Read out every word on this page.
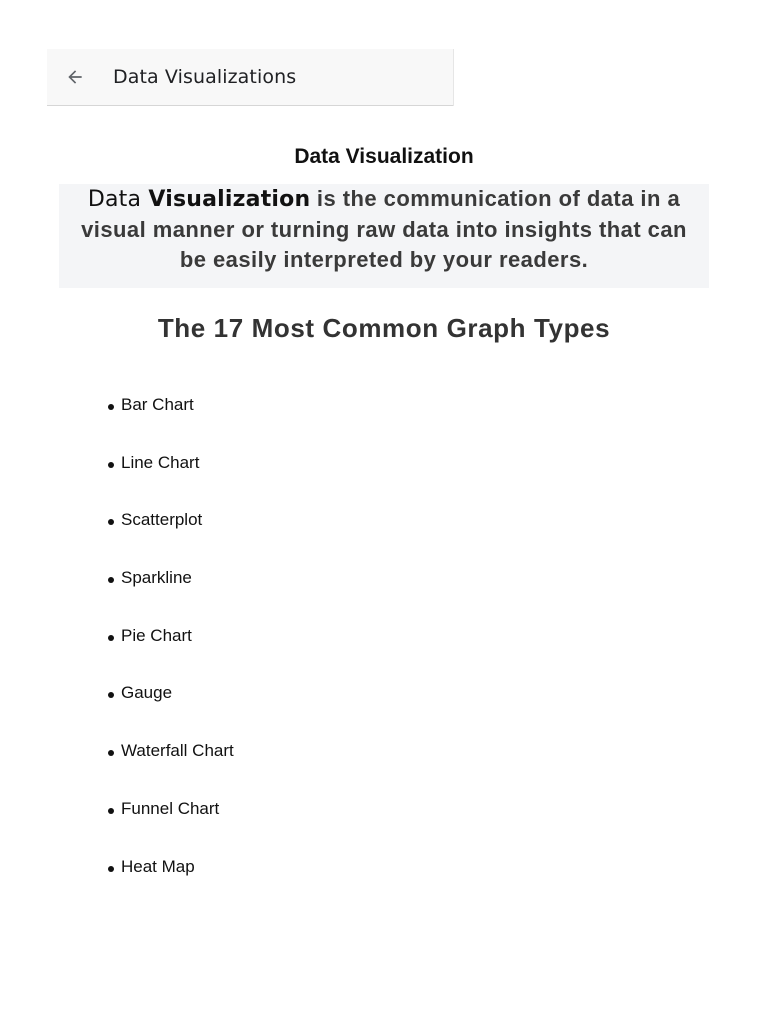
Data Visualizations
Data Visualization
Data Visualization is the communication of data in a visual manner or turning raw data into insights that can be easily interpreted by your readers.
The 17 Most Common Graph Types
Bar Chart
Line Chart
Scatterplot
Sparkline
Pie Chart
Gauge
Waterfall Chart
Funnel Chart
Heat Map
